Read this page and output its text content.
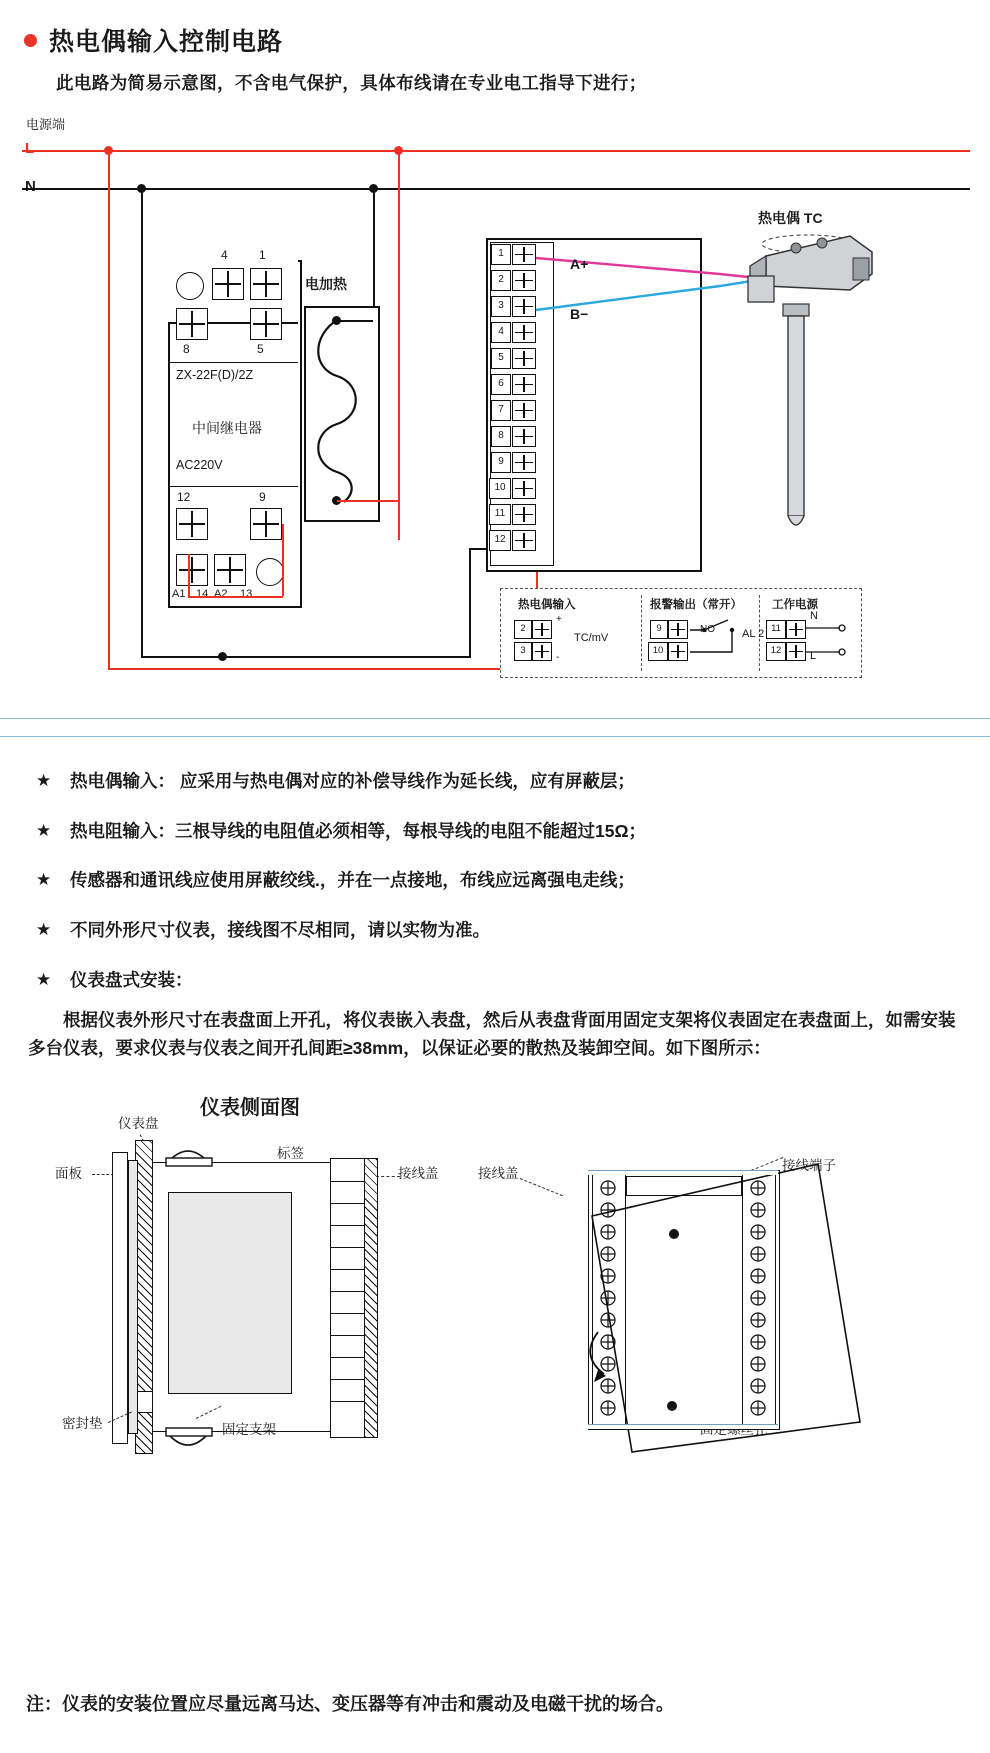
热电偶输入控制电路
此电路为简易示意图，不含电气保护，具体布线请在专业电工指导下进行；
电源端
L
N
4	1
8	5
ZX-22F(D)/2Z
中间继电器
AC220V
12	9
A1 14 A2 13
电加热
1
2
3
4
5
6
7
8
9
10
11
12
A+
B−
热电偶 TC
热电偶输入
2
3
+
-
TC/mV
报警输出（常开）
9
10
NO AL 2
工作电源
11
12
N
L

★ 热电偶输入： 应采用与热电偶对应的补偿导线作为延长线，应有屏蔽层；

★ 热电阻输入：三根导线的电阻值必须相等，每根导线的电阻不能超过15Ω；

★ 传感器和通讯线应使用屏蔽绞线.，并在一点接地，布线应远离强电走线；

★ 不同外形尺寸仪表，接线图不尽相同，请以实物为准。

★ 仪表盘式安装：

根据仪表外形尺寸在表盘面上开孔，将仪表嵌入表盘，然后从表盘背面用固定支架将仪表固定在表盘面上，如需安装多台仪表，要求仪表与仪表之间开孔间距≥38mm，以保证必要的散热及装卸空间。如下图所示：

仪表侧面图

仪表盘
面板
标签
接线盖
密封垫	固定支架
接线盖
接线端子
注：仪表的安装位置应尽量远离马达、变压器等有冲击和震动及电磁干扰的场合。
